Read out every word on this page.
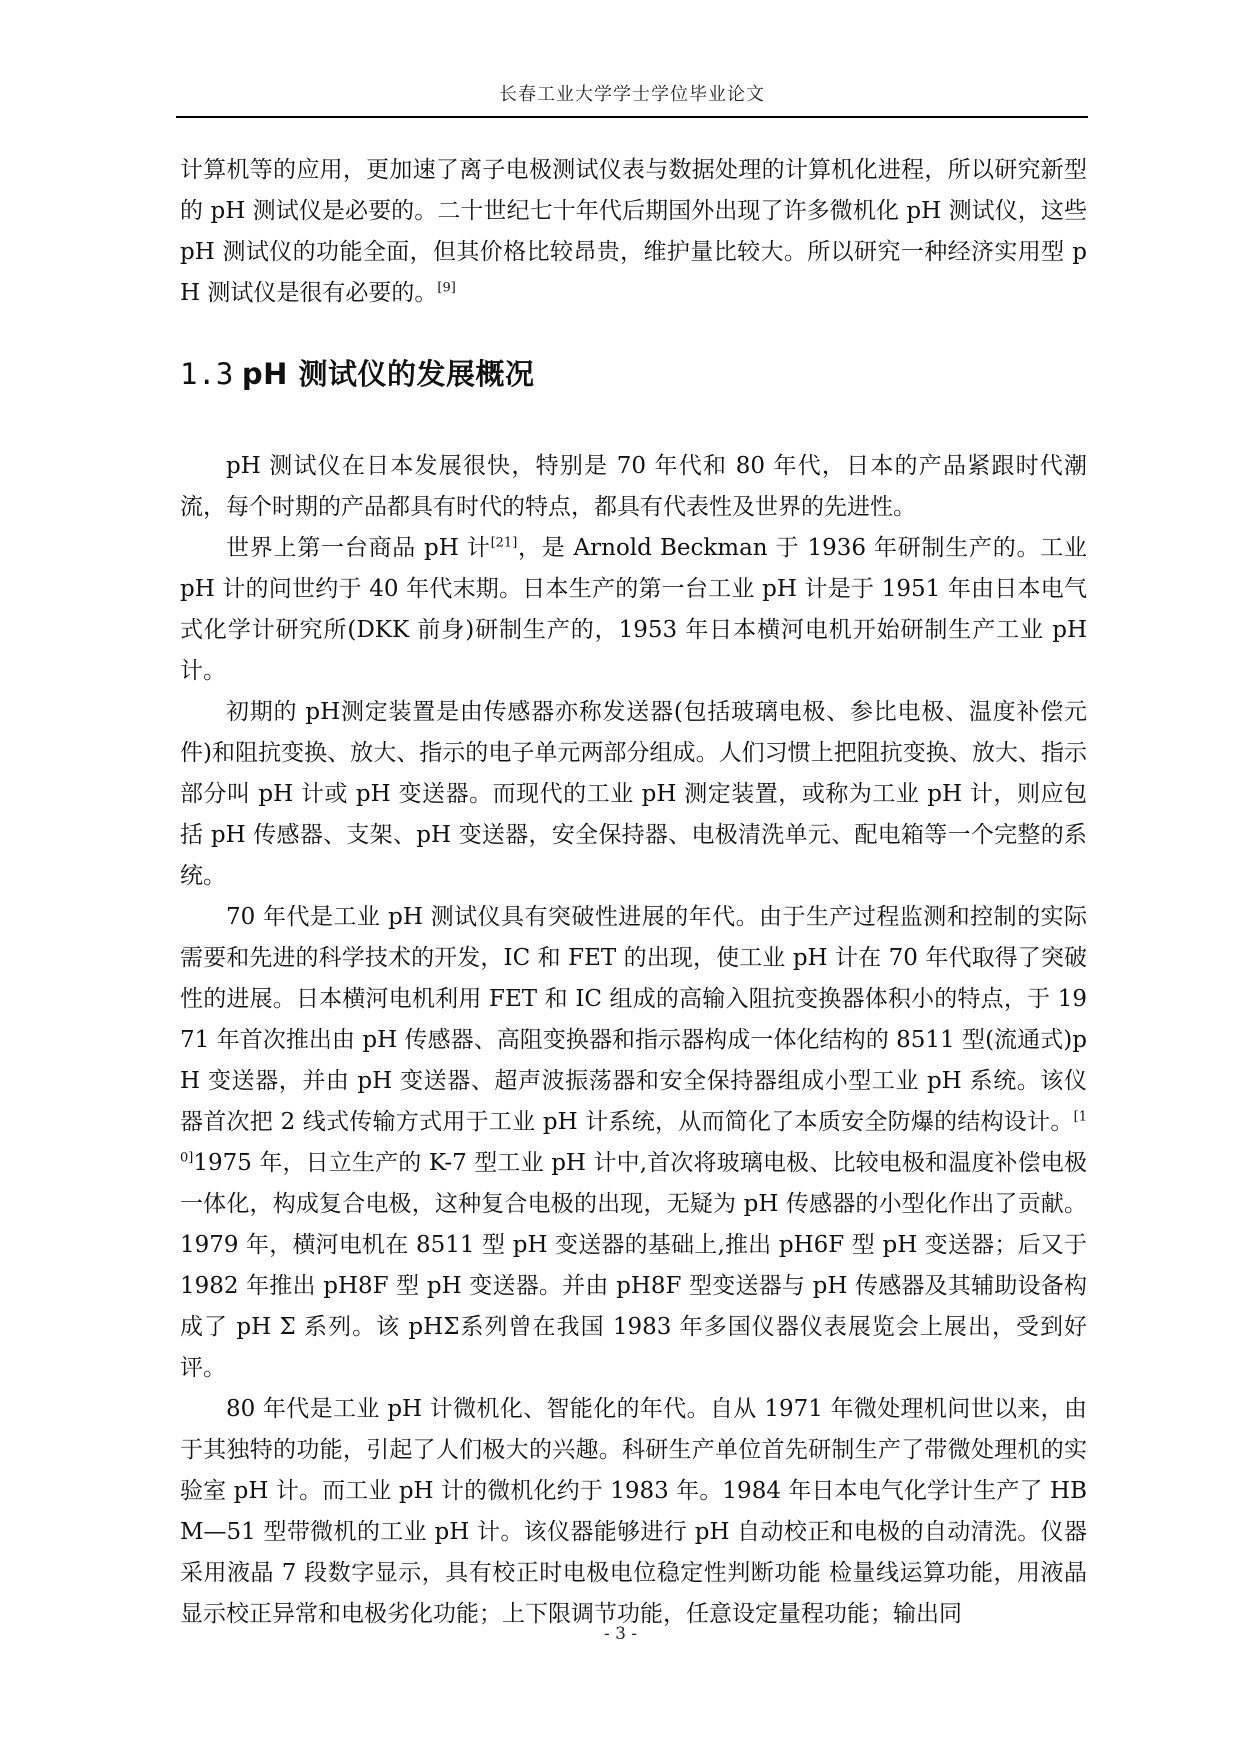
长春工业大学学士学位毕业论文

计算机等的应用，更加速了离子电极测试仪表与数据处理的计算机化进程，所以研究新型的 pH 测试仪是必要的。二十世纪七十年代后期国外出现了许多微机化 pH 测试仪，这些 pH 测试仪的功能全面，但其价格比较昂贵，维护量比较大。所以研究一种经济实用型 pH 测试仪是很有必要的。[9]

1.3 pH 测试仪的发展概况

pH 测试仪在日本发展很快，特别是 70 年代和 80 年代，日本的产品紧跟时代潮流，每个时期的产品都具有时代的特点，都具有代表性及世界的先进性。

世界上第一台商品 pH 计[21]，是 Arnold Beckman 于 1936 年研制生产的。工业 pH 计的问世约于 40 年代末期。日本生产的第一台工业 pH 计是于 1951 年由日本电气式化学计研究所(DKK 前身)研制生产的，1953 年日本横河电机开始研制生产工业 pH 计。

初期的 pH测定装置是由传感器亦称发送器(包括玻璃电极、参比电极、温度补偿元件)和阻抗变换、放大、指示的电子单元两部分组成。人们习惯上把阻抗变换、放大、指示部分叫 pH 计或 pH 变送器。而现代的工业 pH 测定装置，或称为工业 pH 计，则应包括 pH 传感器、支架、pH 变送器，安全保持器、电极清洗单元、配电箱等一个完整的系统。

70 年代是工业 pH 测试仪具有突破性进展的年代。由于生产过程监测和控制的实际需要和先进的科学技术的开发，IC 和 FET 的出现，使工业 pH 计在 70 年代取得了突破性的进展。日本横河电机利用 FET 和 IC 组成的高输入阻抗变换器体积小的特点，于 1971 年首次推出由 pH 传感器、高阻变换器和指示器构成一体化结构的 8511 型(流通式)pH 变送器，并由 pH 变送器、超声波振荡器和安全保持器组成小型工业 pH 系统。该仪器首次把 2 线式传输方式用于工业 pH 计系统，从而简化了本质安全防爆的结构设计。[10]1975 年，日立生产的 K-7 型工业 pH 计中,首次将玻璃电极、比较电极和温度补偿电极一体化，构成复合电极，这种复合电极的出现，无疑为 pH 传感器的小型化作出了贡献。1979 年，横河电机在 8511 型 pH 变送器的基础上,推出 pH6F 型 pH 变送器；后又于 1982 年推出 pH8F 型 pH 变送器。并由 pH8F 型变送器与 pH 传感器及其辅助设备构成了 pH Σ 系列。该 pHΣ系列曾在我国 1983 年多国仪器仪表展览会上展出，受到好评。

80 年代是工业 pH 计微机化、智能化的年代。自从 1971 年微处理机问世以来，由于其独特的功能，引起了人们极大的兴趣。科研生产单位首先研制生产了带微处理机的实验室 pH 计。而工业 pH 计的微机化约于 1983 年。1984 年日本电气化学计生产了 HBM—51 型带微机的工业 pH 计。该仪器能够进行 pH 自动校正和电极的自动清洗。仪器采用液晶 7 段数字显示，具有校正时电极电位稳定性判断功能 检量线运算功能，用液晶显示校正异常和电极劣化功能；上下限调节功能，任意设定量程功能；输出同

- 3 -
